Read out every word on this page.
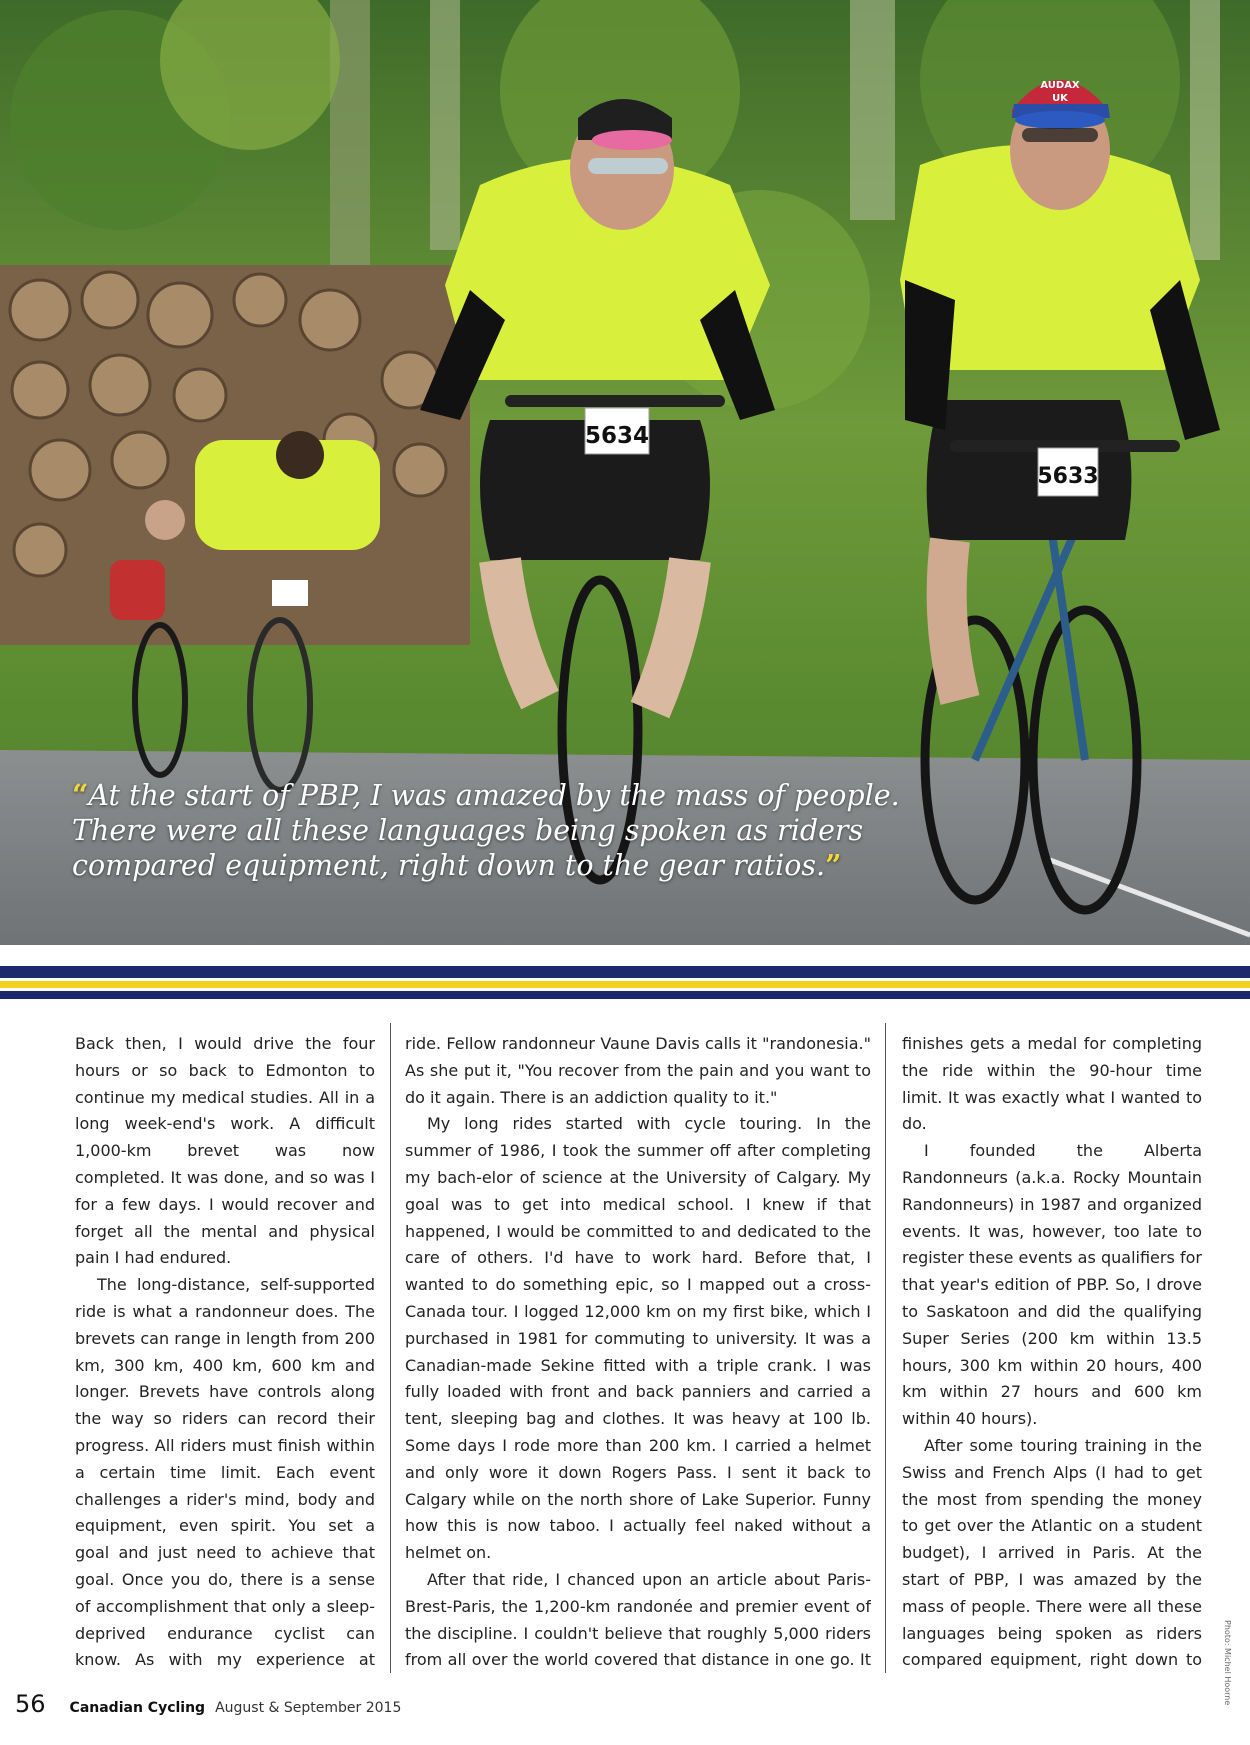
5634
AUDAX
UK
5633

“At the start of PBP, I was amazed by the mass of people. There were all these languages being spoken as riders compared equipment, right down to the gear ratios.”

Back then, I would drive the four hours or so back to Edmonton to continue my medical studies. All in a long week-end's work. A difficult 1,000-km brevet was now completed. It was done, and so was I for a few days. I would recover and forget all the mental and physical pain I had endured.

The long-distance, self-supported ride is what a randonneur does. The brevets can range in length from 200 km, 300 km, 400 km, 600 km and longer. Brevets have controls along the way so riders can record their progress. All riders must finish within a certain time limit. Each event challenges a rider's mind, body and equipment, even spirit. You set a goal and just need to achieve that goal. Once you do, there is a sense of accomplishment that only a sleep-deprived endurance cyclist can know. As with my experience at

ride. Fellow randonneur Vaune Davis calls it "randonesia." As she put it, "You recover from the pain and you want to do it again. There is an addiction quality to it."

My long rides started with cycle touring. In the summer of 1986, I took the summer off after completing my bach-elor of science at the University of Calgary. My goal was to get into medical school. I knew if that happened, I would be committed to and dedicated to the care of others. I'd have to work hard. Before that, I wanted to do something epic, so I mapped out a cross-Canada tour. I logged 12,000 km on my first bike, which I purchased in 1981 for commuting to university. It was a Canadian-made Sekine fitted with a triple crank. I was fully loaded with front and back panniers and carried a tent, sleeping bag and clothes. It was heavy at 100 lb. Some days I rode more than 200 km. I carried a helmet and only wore it down Rogers Pass. I sent it back to Calgary while on the north shore of Lake Superior. Funny how this is now taboo. I actually feel naked without a helmet on.

After that ride, I chanced upon an article about Paris-Brest-Paris, the 1,200-km randonée and premier event of the discipline. I couldn't believe that roughly 5,000 riders from all over the world covered that distance in one go. It

finishes gets a medal for completing the ride within the 90-hour time limit. It was exactly what I wanted to do.

I founded the Alberta Randonneurs (a.k.a. Rocky Mountain Randonneurs) in 1987 and organized events. It was, however, too late to register these events as qualifiers for that year's edition of PBP. So, I drove to Saskatoon and did the qualifying Super Series (200 km within 13.5 hours, 300 km within 20 hours, 400 km within 27 hours and 600 km within 40 hours).

After some touring training in the Swiss and French Alps (I had to get the most from spending the money to get over the Atlantic on a student budget), I arrived in Paris. At the start of PBP, I was amazed by the mass of people. There were all these languages being spoken as riders compared equipment, right down to

56 Canadian Cycling August & September 2015
Photo: Michel Hoorne
